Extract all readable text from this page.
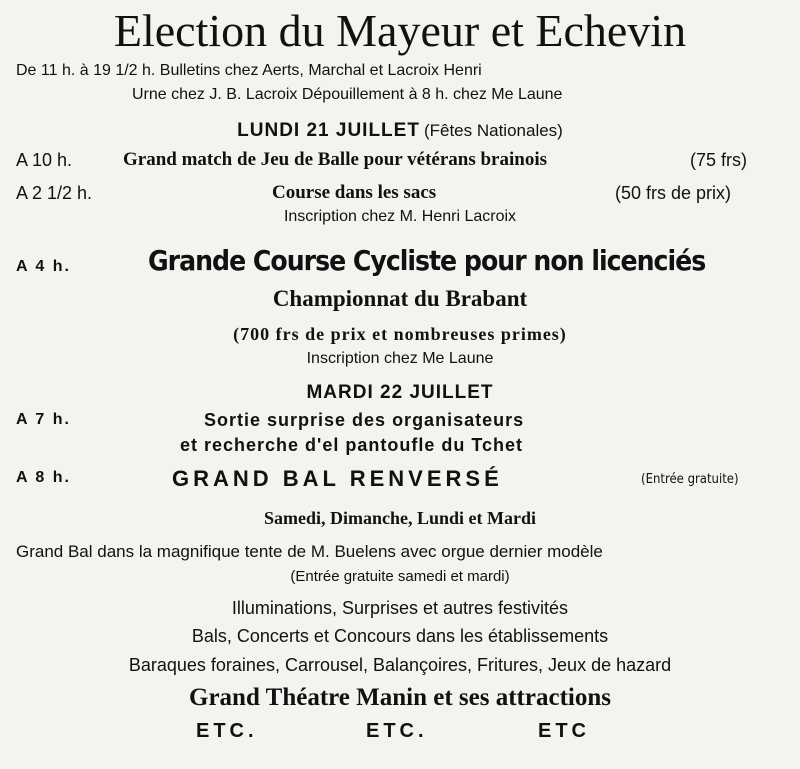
Election du Mayeur et Echevin
De 11 h. à 19 1/2 h. Bulletins chez Aerts, Marchal et Lacroix Henri
Urne chez J. B. Lacroix Dépouillement à 8 h. chez Me Laune
LUNDI 21 JUILLET (Fêtes Nationales)
A 10 h.	Grand match de Jeu de Balle pour vétérans brainois	(75 frs)
A 2 1/2 h.	Course dans les sacs	(50 frs de prix)
Inscription chez M. Henri Lacroix
A 4 h.	Grande Course Cycliste pour non licenciés
Championnat du Brabant
(700 frs de prix et nombreuses primes)
Inscription chez Me Laune
MARDI 22 JUILLET
A 7 h.	Sortie surprise des organisateurs
et recherche d'el pantoufle du Tchet
A 8 h.	GRAND BAL RENVERSÉ	(Entrée gratuite)
Samedi, Dimanche, Lundi et Mardi
Grand Bal dans la magnifique tente de M. Buelens avec orgue dernier modèle
(Entrée gratuite samedi et mardi)
Illuminations, Surprises et autres festivités
Bals, Concerts et Concours dans les établissements
Baraques foraines, Carrousel, Balançoires, Fritures, Jeux de hazard
Grand Théatre Manin et ses attractions
ETC.	ETC.	ETC
